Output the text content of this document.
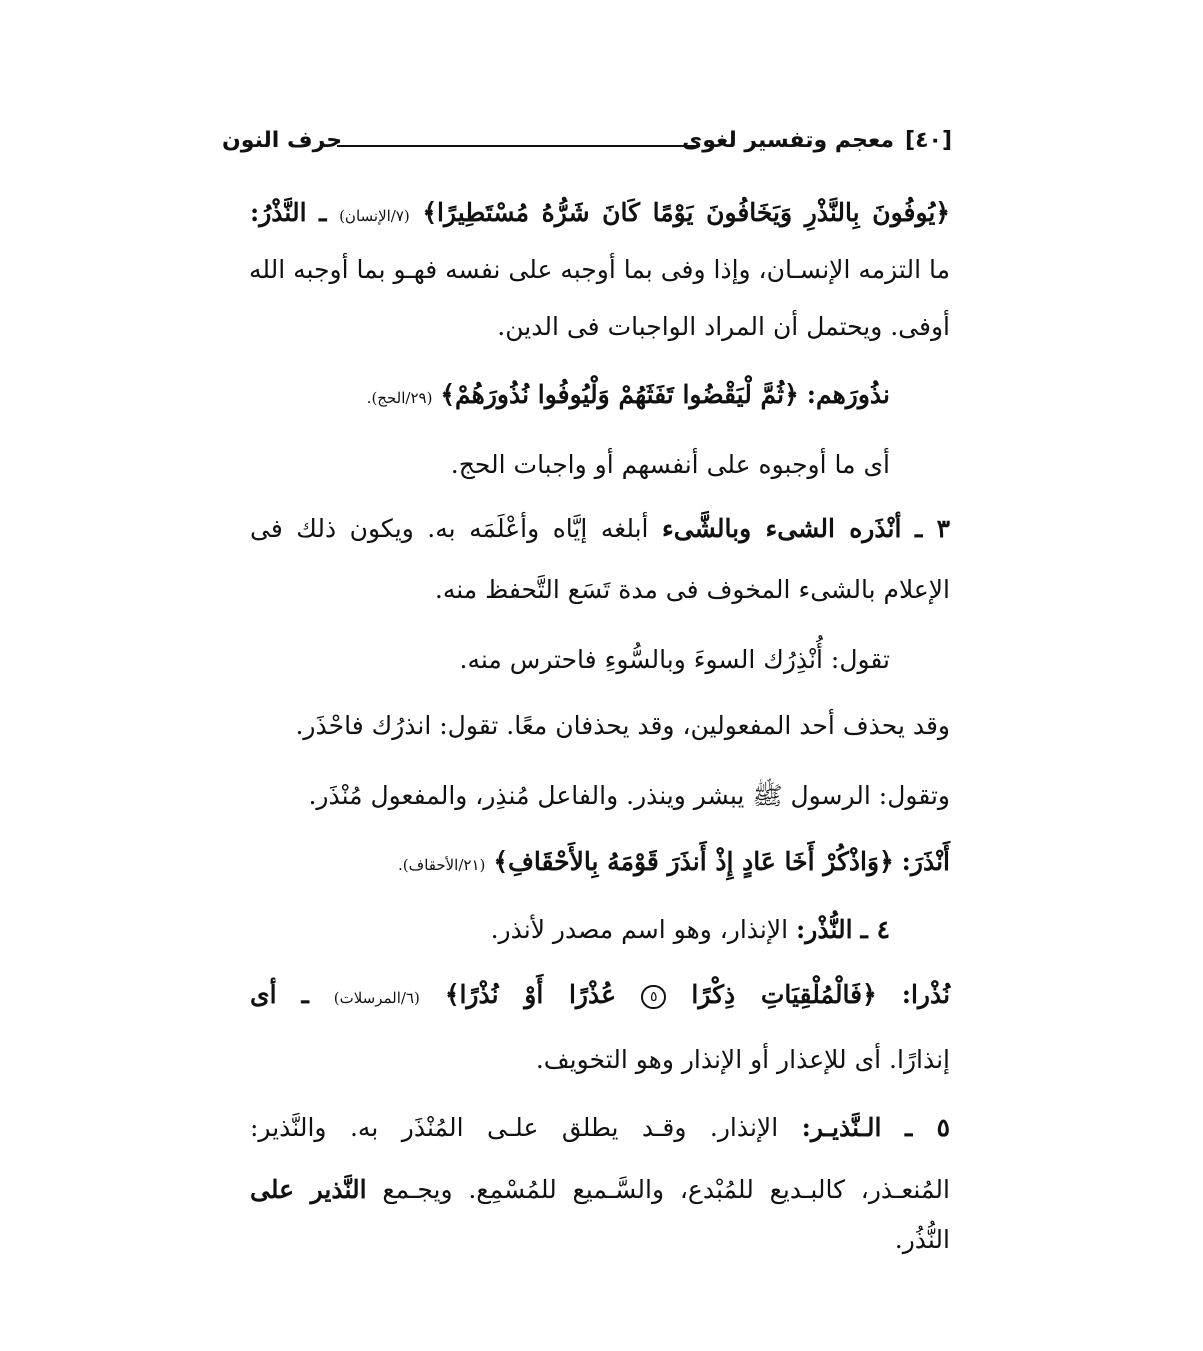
[٤٠]
معجم وتفسير لغوى
حرف النون
﴿يُوفُونَ بِالنَّذْرِ وَيَخَافُونَ يَوْمًا كَانَ شَرُّهُ مُسْتَطِيرًا﴾ (٧/الإنسان) ـ النَّذْرُ:
ما التزمه الإنسـان، وإذا وفى بما أوجبه على نفسه فهـو بما أوجبه الله
أوفى. ويحتمل أن المراد الواجبات فى الدين.
نذُورَهم: ﴿ثُمَّ لْيَقْضُوا تَفَثَهُمْ وَلْيُوفُوا نُذُورَهُمْ﴾ (٢٩/الحج).
أى ما أوجبوه على أنفسهم أو واجبات الحج.
٣ ـ أنْذَره الشىء وبالشَّىء أبلغه إيَّاه وأعْلَمَه به. ويكون ذلك فى
الإعلام بالشىء المخوف فى مدة تَسَع التَّحفظ منه.
تقول: أُنْذِرُك السوءَ وبالسُّوءِ فاحترس منه.
وقد يحذف أحد المفعولين، وقد يحذفان معًا. تقول: انذرُك فاحْذَر.
وتقول: الرسول ﷺ يبشر وينذر. والفاعل مُنذِر، والمفعول مُنْذَر.
أَنْذَرَ: ﴿وَاذْكُرْ أَخَا عَادٍ إِذْ أَنذَرَ قَوْمَهُ بِالأَحْقَافِ﴾ (٢١/الأحقاف).
٤ ـ النُّذْر: الإنذار، وهو اسم مصدر لأنذر.
نُذْرا: ﴿فَالْمُلْقِيَاتِ ذِكْرًا ٥ عُذْرًا أَوْ نُذْرًا﴾ (٦/المرسلات) ـ أى
إنذارًا. أى للإعذار أو الإنذار وهو التخويف.
٥ ـ الـنَّذيـر: الإنذار. وقـد يطلق علـى المُنْذَر به. والنَّذير:
المُنعـذر، كالبـديع للمُبْدع، والسَّـميع للمُسْمِع. ويجـمع النَّذير على
النُّذُر.
